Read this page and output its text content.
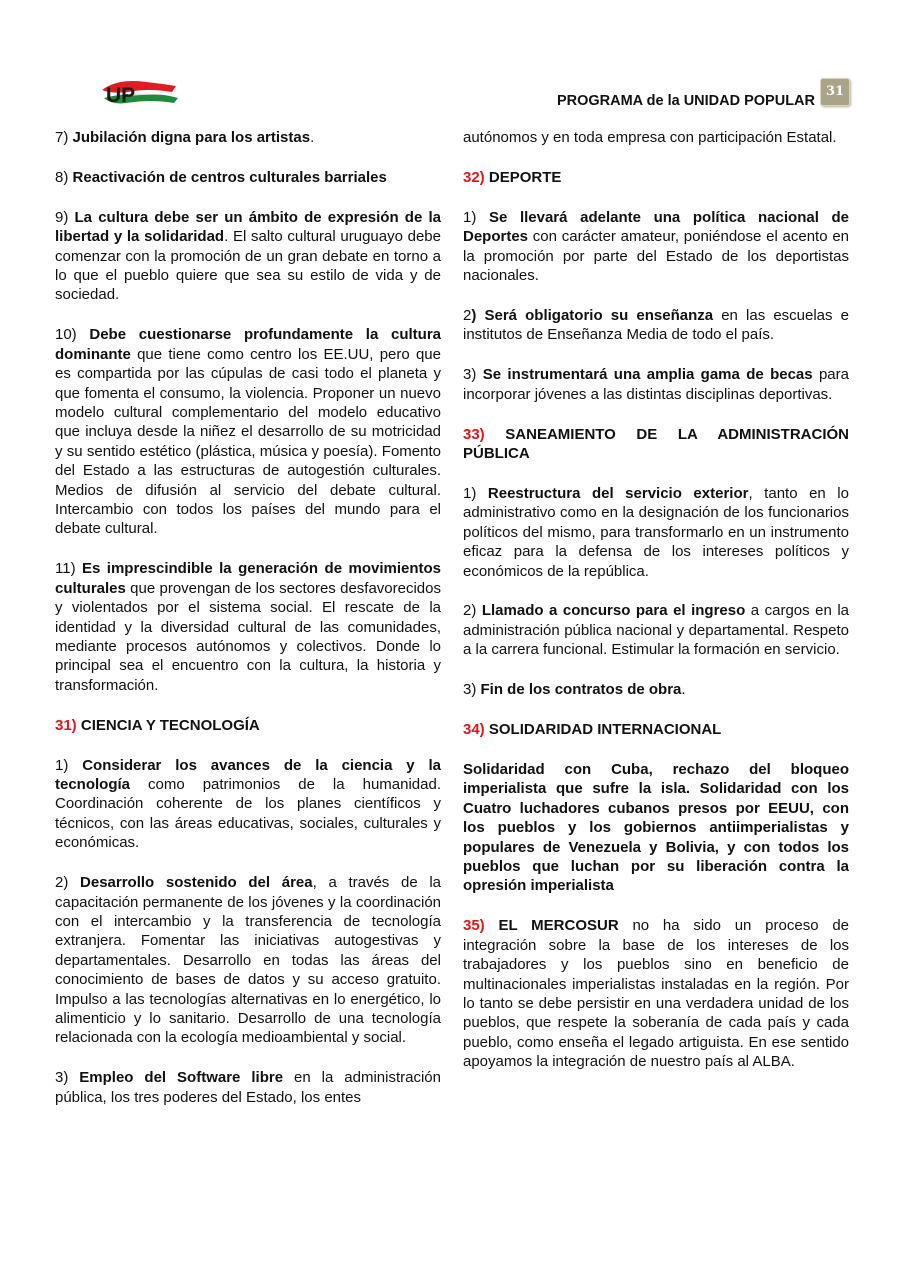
UP	PROGRAMA de la UNIDAD POPULAR
31

7) Jubilación digna para los artistas.

8) Reactivación de centros culturales barriales

9) La cultura debe ser un ámbito de expresión de la libertad y la solidaridad. El salto cultural uruguayo debe comenzar con la promoción de un gran debate en torno a lo que el pueblo quiere que sea su estilo de vida y de sociedad.

10) Debe cuestionarse profundamente la cultura dominante que tiene como centro los EE.UU, pero que es compartida por las cúpulas de casi todo el planeta y que fomenta el consumo, la violencia. Proponer un nuevo modelo cultural complementario del modelo educativo que incluya desde la niñez el desarrollo de su motricidad y su sentido estético (plástica, música y poesía). Fomento del Estado a las estructuras de autogestión culturales. Medios de difusión al servicio del debate cultural. Intercambio con todos los países del mundo para el debate cultural.

11) Es imprescindible la generación de movimientos culturales que provengan de los sectores desfavorecidos y violentados por el sistema social. El rescate de la identidad y la diversidad cultural de las comunidades, mediante procesos autónomos y colectivos. Donde lo principal sea el encuentro con la cultura, la historia y transformación.

31) CIENCIA Y TECNOLOGÍA

1) Considerar los avances de la ciencia y la tecnología como patrimonios de la humanidad. Coordinación coherente de los planes científicos y técnicos, con las áreas educativas, sociales, culturales y económicas.

2) Desarrollo sostenido del área, a través de la capacitación permanente de los jóvenes y la coordinación con el intercambio y la transferencia de tecnología extranjera. Fomentar las iniciativas autogestivas y departamentales. Desarrollo en todas las áreas del conocimiento de bases de datos y su acceso gratuito. Impulso a las tecnologías alternativas en lo energético, lo alimenticio y lo sanitario. Desarrollo de una tecnología relacionada con la ecología medioambiental y social.

3) Empleo del Software libre en la administración pública, los tres poderes del Estado, los entes

autónomos y en toda empresa con participación Estatal.

32) DEPORTE

1) Se llevará adelante una política nacional de Deportes con carácter amateur, poniéndose el acento en la promoción por parte del Estado de los deportistas nacionales.

2) Será obligatorio su enseñanza en las escuelas e institutos de Enseñanza Media de todo el país.

3) Se instrumentará una amplia gama de becas para incorporar jóvenes a las distintas disciplinas deportivas.

33) SANEAMIENTO DE LA ADMINISTRACIÓN PÚBLICA

1) Reestructura del servicio exterior, tanto en lo administrativo como en la designación de los funcionarios políticos del mismo, para transformarlo en un instrumento eficaz para la defensa de los intereses políticos y económicos de la república.

2) Llamado a concurso para el ingreso a cargos en la administración pública nacional y departamental. Respeto a la carrera funcional. Estimular la formación en servicio.

3) Fin de los contratos de obra.

34) SOLIDARIDAD INTERNACIONAL

Solidaridad con Cuba, rechazo del bloqueo imperialista que sufre la isla. Solidaridad con los Cuatro luchadores cubanos presos por EEUU, con los pueblos y los gobiernos antiimperialistas y populares de Venezuela y Bolivia, y con todos los pueblos que luchan por su liberación contra la opresión imperialista

35) EL MERCOSUR no ha sido un proceso de integración sobre la base de los intereses de los trabajadores y los pueblos sino en beneficio de multinacionales imperialistas instaladas en la región. Por lo tanto se debe persistir en una verdadera unidad de los pueblos, que respete la soberanía de cada país y cada pueblo, como enseña el legado artiguista. En ese sentido apoyamos la integración de nuestro país al ALBA.
